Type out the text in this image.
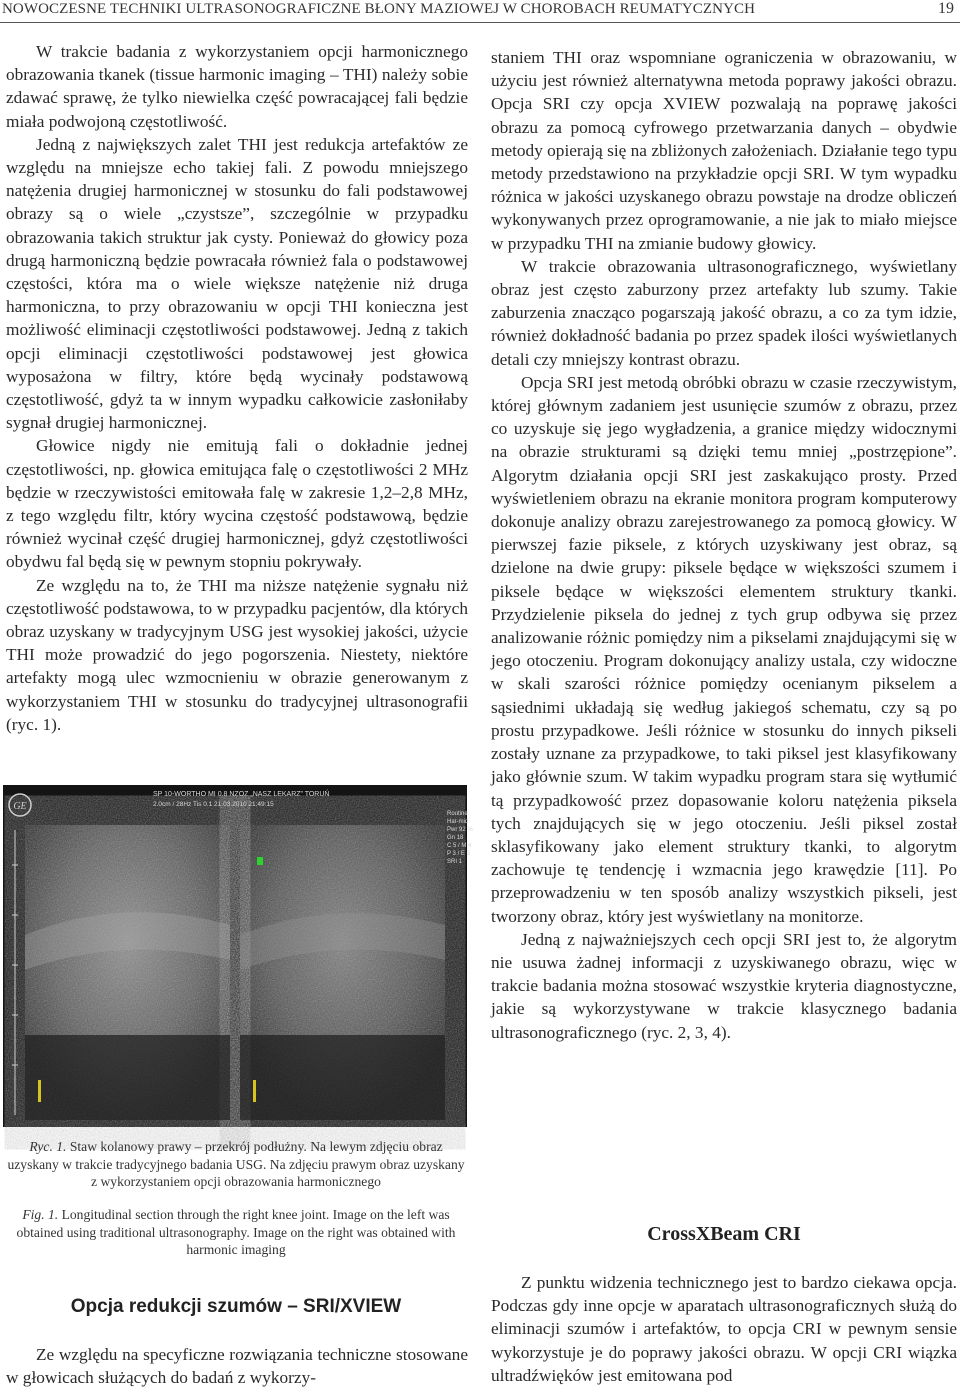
NOWOCZESNE TECHNIKI ULTRASONOGRAFICZNE BŁONY MAZIOWEJ W CHOROBACH REUMATYCZNYCH	19

W trakcie badania z wykorzystaniem opcji harmonicznego obrazowania tkanek (tissue harmonic imaging – THI) należy sobie zdawać sprawę, że tylko niewielka część powracającej fali będzie miała podwojoną częstotliwość.

Jedną z największych zalet THI jest redukcja artefaktów ze względu na mniejsze echo takiej fali. Z powodu mniejszego natężenia drugiej harmonicznej w stosunku do fali podstawowej obrazy są o wiele „czystsze”, szczególnie w przypadku obrazowania takich struktur jak cysty. Ponieważ do głowicy poza drugą harmoniczną będzie powracała również fala o podstawowej częstości, która ma o wiele większe natężenie niż druga harmoniczna, to przy obrazowaniu w opcji THI konieczna jest możliwość eliminacji częstotliwości podstawowej. Jedną z takich opcji eliminacji częstotliwości podstawowej jest głowica wyposażona w filtry, które będą wycinały podstawową częstotliwość, gdyż ta w innym wypadku całkowicie zasłoniłaby sygnał drugiej harmonicznej.

Głowice nigdy nie emitują fali o dokładnie jednej częstotliwości, np. głowica emitująca falę o częstotliwości 2 MHz będzie w rzeczywistości emitowała falę w zakresie 1,2–2,8 MHz, z tego względu filtr, który wycina częstość podstawową, będzie również wycinał część drugiej harmonicznej, gdyż częstotliwości obydwu fal będą się w pewnym stopniu pokrywały.

Ze względu na to, że THI ma niższe natężenie sygnału niż częstotliwość podstawowa, to w przypadku pacjentów, dla których obraz uzyskany w tradycyjnym USG jest wysokiej jakości, użycie THI może prowadzić do jego pogorszenia. Niestety, niektóre artefakty mogą ulec wzmocnieniu w obrazie generowanym z wykorzystaniem THI w stosunku do tradycyjnej ultrasonografii (ryc. 1).

GE
SP 10-WORTHO MI 0.8 NZOZ „NASZ LEKARZ” TORUŃ
2.0cm / 28Hz Tis 0.1 21.03.2010 21:49:15
Routine
Har-mid
Pwr 92 %
Gn 18
C 5 / M 4
P 3 / E 3
SRI 1
Ryc. 1. Staw kolanowy prawy – przekrój podłużny. Na lewym zdjęciu obraz uzyskany w trakcie tradycyjnego badania USG. Na zdjęciu prawym obraz uzyskany z wykorzystaniem opcji obrazowania harmonicznego
Fig. 1. Longitudinal section through the right knee joint. Image on the left was obtained using traditional ultrasonography. Image on the right was obtained with harmonic imaging
Opcja redukcji szumów – SRI/XVIEW

Ze względu na specyficzne rozwiązania techniczne stosowane w głowicach służących do badań z wykorzy-

staniem THI oraz wspomniane ograniczenia w obrazowaniu, w użyciu jest również alternatywna metoda poprawy jakości obrazu. Opcja SRI czy opcja XVIEW pozwalają na poprawę jakości obrazu za pomocą cyfrowego przetwarzania danych – obydwie metody opierają się na zbliżonych założeniach. Działanie tego typu metody przedstawiono na przykładzie opcji SRI. W tym wypadku różnica w jakości uzyskanego obrazu powstaje na drodze obliczeń wykonywanych przez oprogramowanie, a nie jak to miało miejsce w przypadku THI na zmianie budowy głowicy.

W trakcie obrazowania ultrasonograficznego, wyświetlany obraz jest często zaburzony przez artefakty lub szumy. Takie zaburzenia znacząco pogarszają jakość obrazu, a co za tym idzie, również dokładność badania po przez spadek ilości wyświetlanych detali czy mniejszy kontrast obrazu.

Opcja SRI jest metodą obróbki obrazu w czasie rzeczywistym, której głównym zadaniem jest usunięcie szumów z obrazu, przez co uzyskuje się jego wygładzenia, a granice między widocznymi na obrazie strukturami są dzięki temu mniej „postrzępione”. Algorytm działania opcji SRI jest zaskakująco prosty. Przed wyświetleniem obrazu na ekranie monitora program komputerowy dokonuje analizy obrazu zarejestrowanego za pomocą głowicy. W pierwszej fazie piksele, z których uzyskiwany jest obraz, są dzielone na dwie grupy: piksele będące w większości szumem i piksele będące w większości elementem struktury tkanki. Przydzielenie piksela do jednej z tych grup odbywa się przez analizowanie różnic pomiędzy nim a pikselami znajdującymi się w jego otoczeniu. Program dokonujący analizy ustala, czy widoczne w skali szarości różnice pomiędzy ocenianym pikselem a sąsiednimi układają się według jakiegoś schematu, czy są po prostu przypadkowe. Jeśli różnice w stosunku do innych pikseli zostały uznane za przypadkowe, to taki piksel jest klasyfikowany jako głównie szum. W takim wypadku program stara się wytłumić tą przypadkowość przez dopasowanie koloru natężenia piksela tych znajdujących się w jego otoczeniu. Jeśli piksel został sklasyfikowany jako element struktury tkanki, to algorytm zachowuje tę tendencję i wzmacnia jego krawędzie [11]. Po przeprowadzeniu w ten sposób analizy wszystkich pikseli, jest tworzony obraz, który jest wyświetlany na monitorze.

Jedną z najważniejszych cech opcji SRI jest to, że algorytm nie usuwa żadnej informacji z uzyskiwanego obrazu, więc w trakcie badania można stosować wszystkie kryteria diagnostyczne, jakie są wykorzystywane w trakcie klasycznego badania ultrasonograficznego (ryc. 2, 3, 4).

CrossXBeam CRI

Z punktu widzenia technicznego jest to bardzo ciekawa opcja. Podczas gdy inne opcje w aparatach ultrasonograficznych służą do eliminacji szumów i artefaktów, to opcja CRI w pewnym sensie wykorzystuje je do poprawy jakości obrazu. W opcji CRI wiązka ultradźwięków jest emitowana pod
